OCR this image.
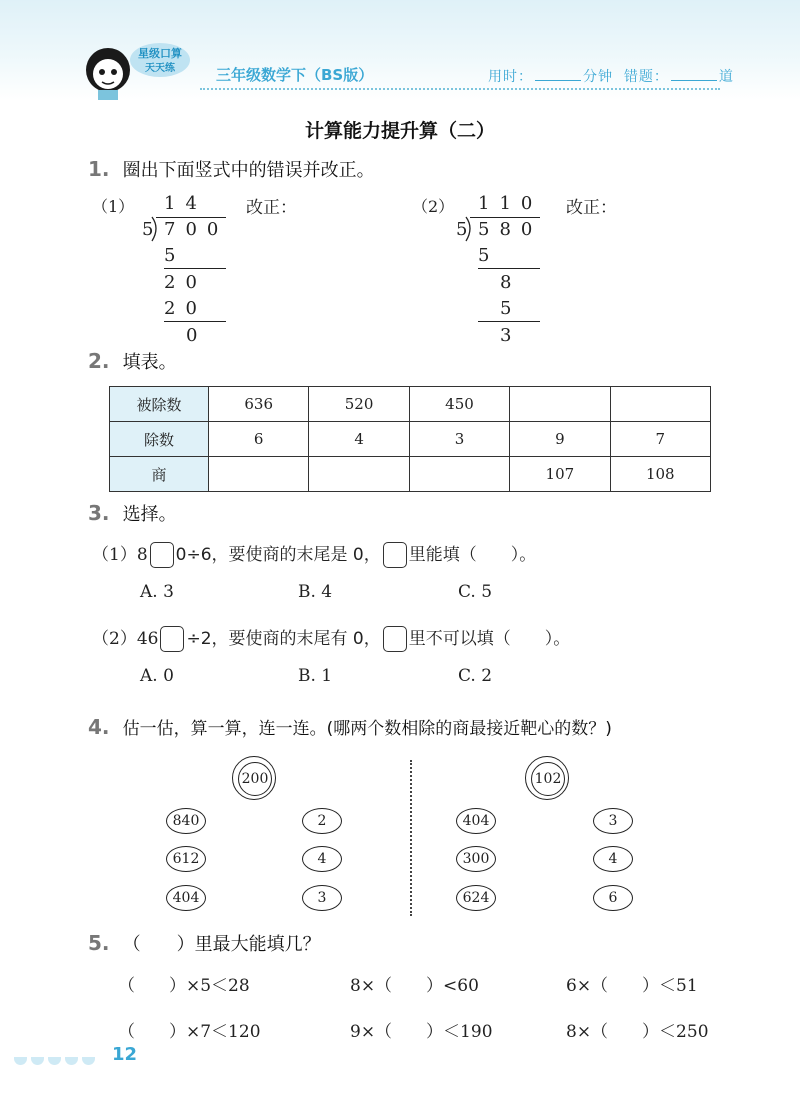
星级口算
天天练	三年级数学下（BS版）	用时：	分钟 错题：	道
计算能力提升算（二）
1. 圈出下面竖式中的错误并改正。
（1） 14
5 700
5
20
20
0
改正：	（2） 110
5 580
5
8
5
3
改正：
2. 填表。
被除数	636	520	450		
除数	6	4	3	9	7
商				107	108
3. 选择。
（1）8 0÷6，要使商的末尾是 0， 里能填（　　）。
A. 3	B. 4	C. 5
（2）46 ÷2，要使商的末尾有 0， 里不可以填（　　）。
A. 0	B. 1	C. 2
4. 估一估，算一算，连一连。(哪两个数相除的商最接近靶心的数？)
200
840
612
404
2
4
3
102
404
300
624
3
4
6
5. （　　）里最大能填几？
（　　）×5＜28	8×（　　）<60	6×（　　）＜51
（　　）×7＜120	9×（　　）＜190	8×（　　）＜250
12
